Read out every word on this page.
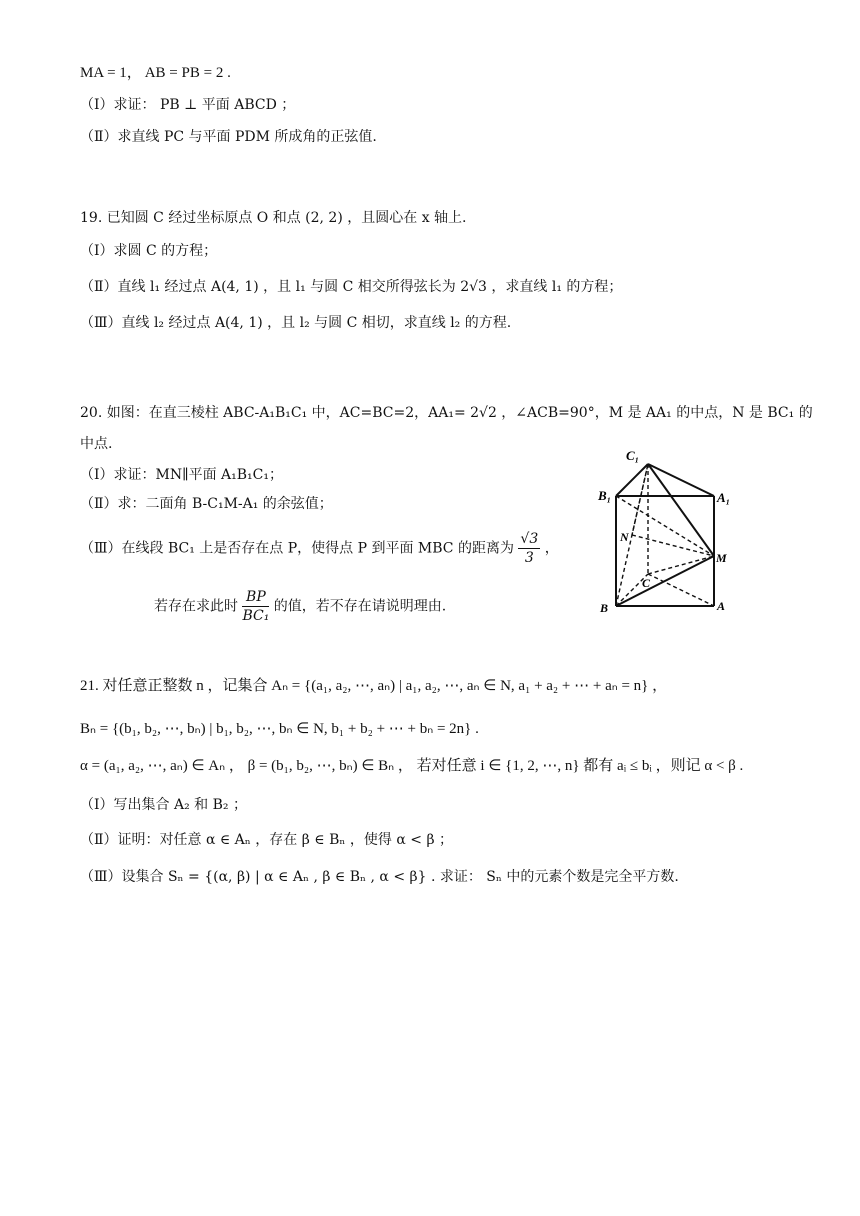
MA = 1， AB = PB = 2 .
（Ⅰ）求证： PB ⊥ 平面 ABCD ；
（Ⅱ）求直线 PC 与平面 PDM 所成角的正弦值.
19. 已知圆 C 经过坐标原点 O 和点 (2, 2) ，且圆心在 x 轴上.
（Ⅰ）求圆 C 的方程；
（Ⅱ）直线 l₁ 经过点 A(4, 1) ，且 l₁ 与圆 C 相交所得弦长为 2√3 ，求直线 l₁ 的方程；
（Ⅲ）直线 l₂ 经过点 A(4, 1) ，且 l₂ 与圆 C 相切，求直线 l₂ 的方程.
20. 如图：在直三棱柱 ABC-A₁B₁C₁ 中，AC=BC=2，AA₁= 2√2 ，∠ACB=90°，M 是 AA₁ 的中点，N 是 BC₁ 的
中点.
（Ⅰ）求证：MN∥平面 A₁B₁C₁；
（Ⅱ）求：二面角 B-C₁M-A₁ 的余弦值；
（Ⅲ）在线段 BC₁ 上是否存在点 P，使得点 P 到平面 MBC 的距离为 $\frac{√3}{3}$ ，
若存在求此时 $\frac{BP}{\text{BC₁}}$ 的值，若不存在请说明理由.
C₁
B₁	A₁
N
M
C
B	A
21. 对任意正整数 n ，记集合 Aₙ = {(a₁, a₂, ⋯, aₙ) | a₁, a₂, ⋯, aₙ ∈ N, a₁ + a₂ + ⋯ + aₙ = n} ，
Bₙ = {(b₁, b₂, ⋯, bₙ) | b₁, b₂, ⋯, bₙ ∈ N, b₁ + b₂ + ⋯ + bₙ = 2n} .
α = (a₁, a₂, ⋯, aₙ) ∈ Aₙ ， β = (b₁, b₂, ⋯, bₙ) ∈ Bₙ ， 若对任意 i ∈ {1, 2, ⋯, n} 都有 aᵢ ≤ bᵢ ，则记 α < β .
（Ⅰ）写出集合 A₂ 和 B₂ ；
（Ⅱ）证明：对任意 α ∈ Aₙ ，存在 β ∈ Bₙ ，使得 α < β ；
（Ⅲ）设集合 Sₙ = {(α, β) | α ∈ Aₙ , β ∈ Bₙ , α < β} . 求证： Sₙ 中的元素个数是完全平方数.
